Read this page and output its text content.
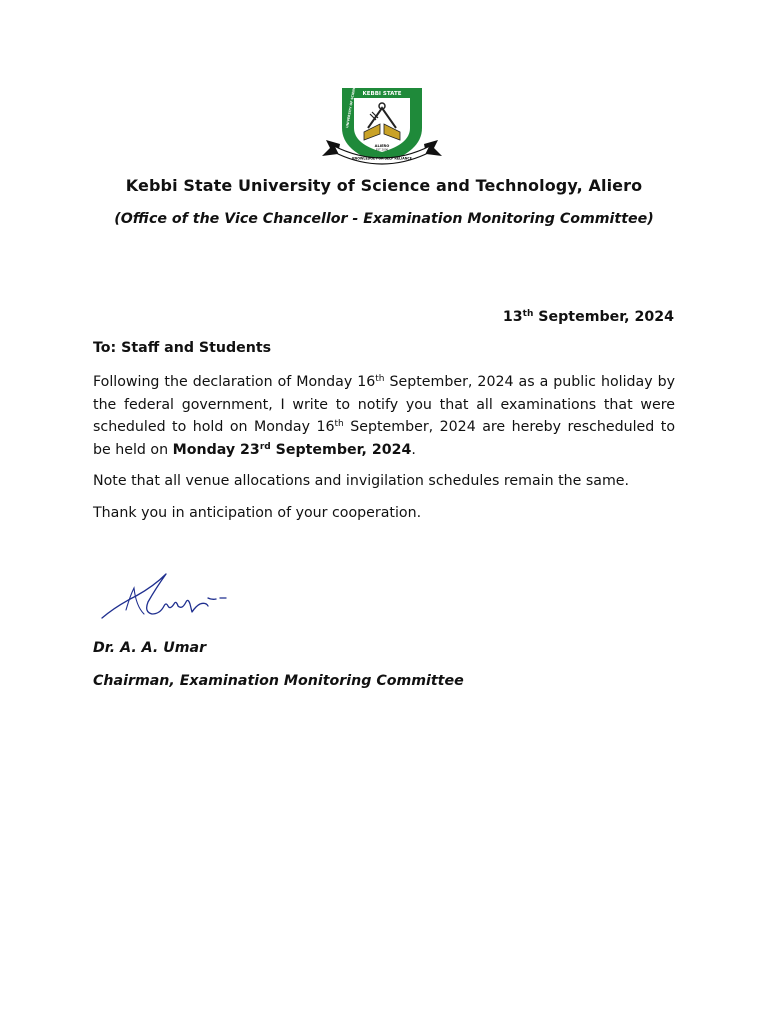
KEBBI STATE
ALIERO
EST 2006
KNOWLEDGE FOR SELF RELIANCE
Kebbi State University of Science and Technology, Aliero
(Office of the Vice Chancellor - Examination Monitoring Committee)
13th September, 2024
To: Staff and Students

Following the declaration of Monday 16th September, 2024 as a public holiday by the federal government, I write to notify you that all examinations that were scheduled to hold on Monday 16th September, 2024 are hereby rescheduled to be held on Monday 23rd September, 2024.

Note that all venue allocations and invigilation schedules remain the same.

Thank you in anticipation of your cooperation.

Dr. A. A. Umar
Chairman, Examination Monitoring Committee
